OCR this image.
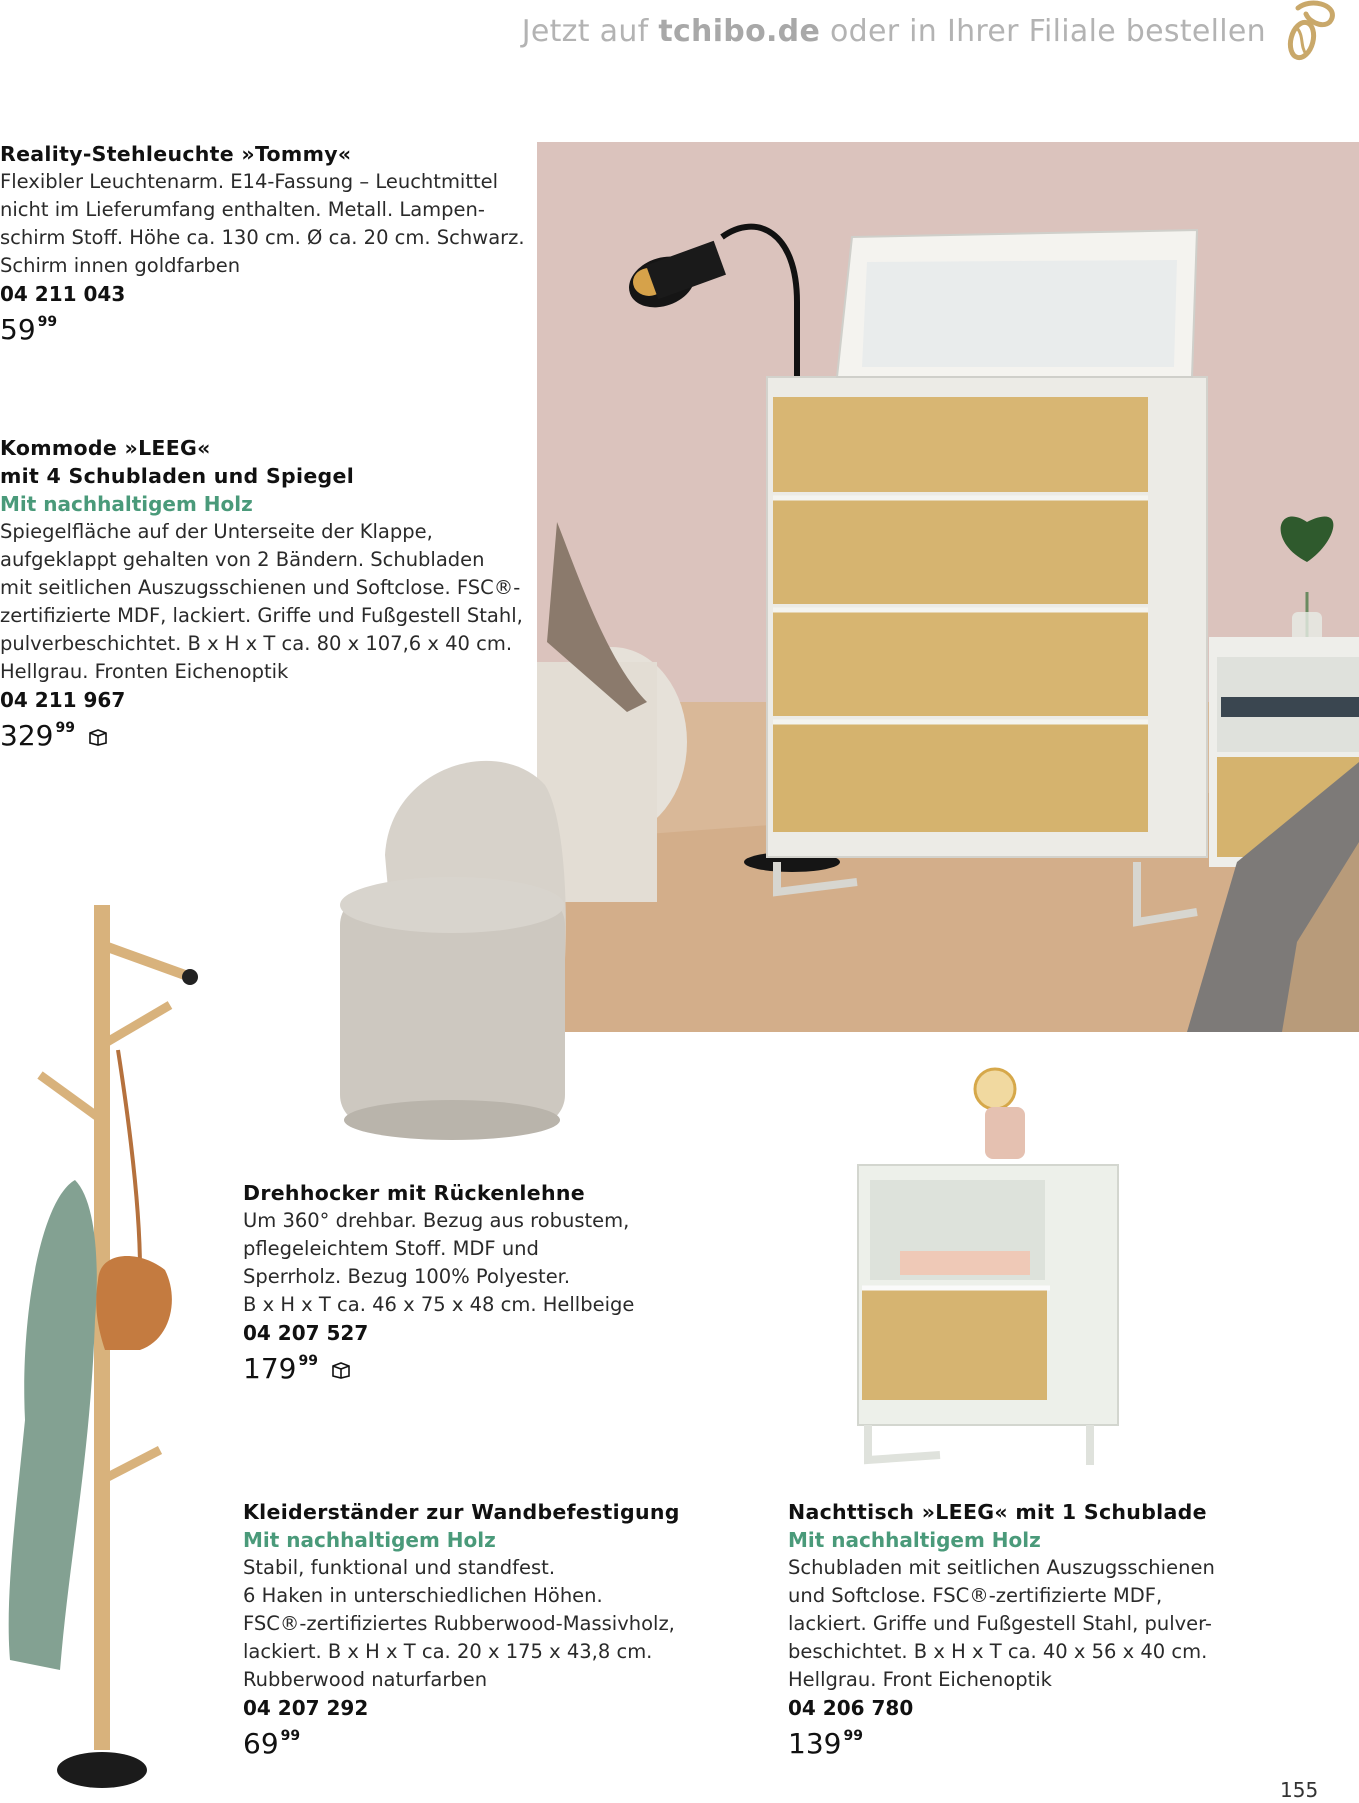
Jetzt auf tchibo.de oder in Ihrer Filiale bestellen
Reality-Stehleuchte »Tommy«
Flexibler Leuchtenarm. E14-Fassung – Leuchtmittel
nicht im Lieferumfang enthalten. Metall. Lampen-
schirm Stoff. Höhe ca. 130 cm. Ø ca. 20 cm. Schwarz.
Schirm innen goldfarben
04 211 043
59 99
Kommode »LEEG«
mit 4 Schubladen und Spiegel
Mit nachhaltigem Holz
Spiegelfläche auf der Unterseite der Klappe,
aufgeklappt gehalten von 2 Bändern. Schubladen
mit seitlichen Auszugsschienen und Softclose. FSC®-
zertifizierte MDF, lackiert. Griffe und Fußgestell Stahl,
pulverbeschichtet. B x H x T ca. 80 x 107,6 x 40 cm.
Hellgrau. Fronten Eichenoptik
04 211 967
329 99
Drehhocker mit Rückenlehne
Um 360° drehbar. Bezug aus robustem,
pflegeleichtem Stoff. MDF und
Sperrholz. Bezug 100% Polyester.
B x H x T ca. 46 x 75 x 48 cm. Hellbeige
04 207 527
179 99
Kleiderständer zur Wandbefestigung
Mit nachhaltigem Holz
Stabil, funktional und standfest.
6 Haken in unterschiedlichen Höhen.
FSC®-zertifiziertes Rubberwood-Massivholz,
lackiert. B x H x T ca. 20 x 175 x 43,8 cm.
Rubberwood naturfarben
04 207 292
69 99
Nachttisch »LEEG« mit 1 Schublade
Mit nachhaltigem Holz
Schubladen mit seitlichen Auszugsschienen
und Softclose. FSC®-zertifizierte MDF,
lackiert. Griffe und Fußgestell Stahl, pulver-
beschichtet. B x H x T ca. 40 x 56 x 40 cm.
Hellgrau. Front Eichenoptik
04 206 780
139 99
155
